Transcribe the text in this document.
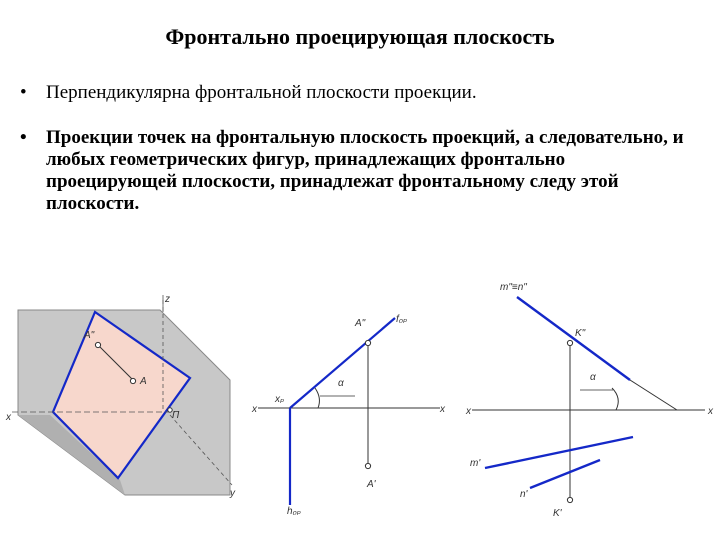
Фронтально проецирующая плоскость
•	Перпендикулярна фронтальной плоскости проекции.
•	Проекции точек на фронтальную плоскость проекций, а следовательно, и любых геометрических фигур, принадлежащих фронтально проецирующей плоскости, принадлежат фронтальному следу этой плоскости.
z
x
y
A"
A
П
x	x
f₀ₚ
A"
xₚ
α
h₀ₚ
A'
m"≡n"
K"
α
x	x
m'
n'
K'
